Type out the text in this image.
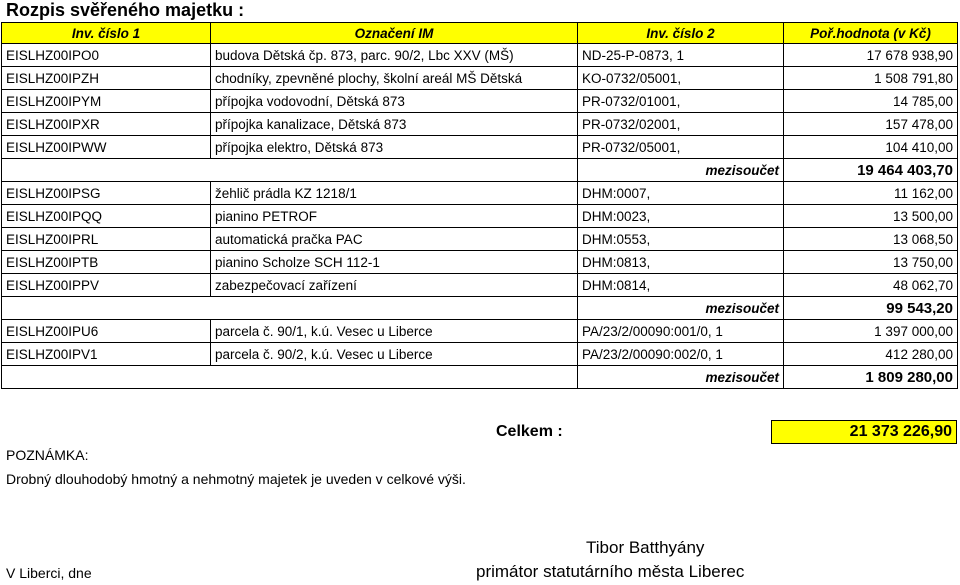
Rozpis svěřeného majetku :
Inv. číslo 1	Označení IM	Inv. číslo 2	Poř.hodnota (v Kč)
EISLHZ00IPO0	budova Dětská čp. 873, parc. 90/2, Lbc XXV (MŠ)	ND-25-P-0873, 1	17 678 938,90
EISLHZ00IPZH	chodníky, zpevněné plochy, školní areál MŠ Dětská	KO-0732/05001,	1 508 791,80
EISLHZ00IPYM	přípojka vodovodní, Dětská 873	PR-0732/01001,	14 785,00
EISLHZ00IPXR	přípojka kanalizace, Dětská 873	PR-0732/02001,	157 478,00
EISLHZ00IPWW	přípojka elektro, Dětská 873	PR-0732/05001,	104 410,00
		mezisoučet	19 464 403,70
EISLHZ00IPSG	žehlič prádla KZ 1218/1	DHM:0007,	11 162,00
EISLHZ00IPQQ	pianino PETROF	DHM:0023,	13 500,00
EISLHZ00IPRL	automatická pračka PAC	DHM:0553,	13 068,50
EISLHZ00IPTB	pianino Scholze SCH 112-1	DHM:0813,	13 750,00
EISLHZ00IPPV	zabezpečovací zařízení	DHM:0814,	48 062,70
		mezisoučet	99 543,20
EISLHZ00IPU6	parcela č. 90/1, k.ú. Vesec u Liberce	PA/23/2/00090:001/0, 1	1 397 000,00
EISLHZ00IPV1	parcela č. 90/2, k.ú. Vesec u Liberce	PA/23/2/00090:002/0, 1	412 280,00
		mezisoučet	1 809 280,00
Celkem :	21 373 226,90
POZNÁMKA:
Drobný dlouhodobý hmotný a nehmotný majetek je uveden v celkové výši.
V Liberci, dne
Tibor Batthyány
primátor statutárního města Liberec
